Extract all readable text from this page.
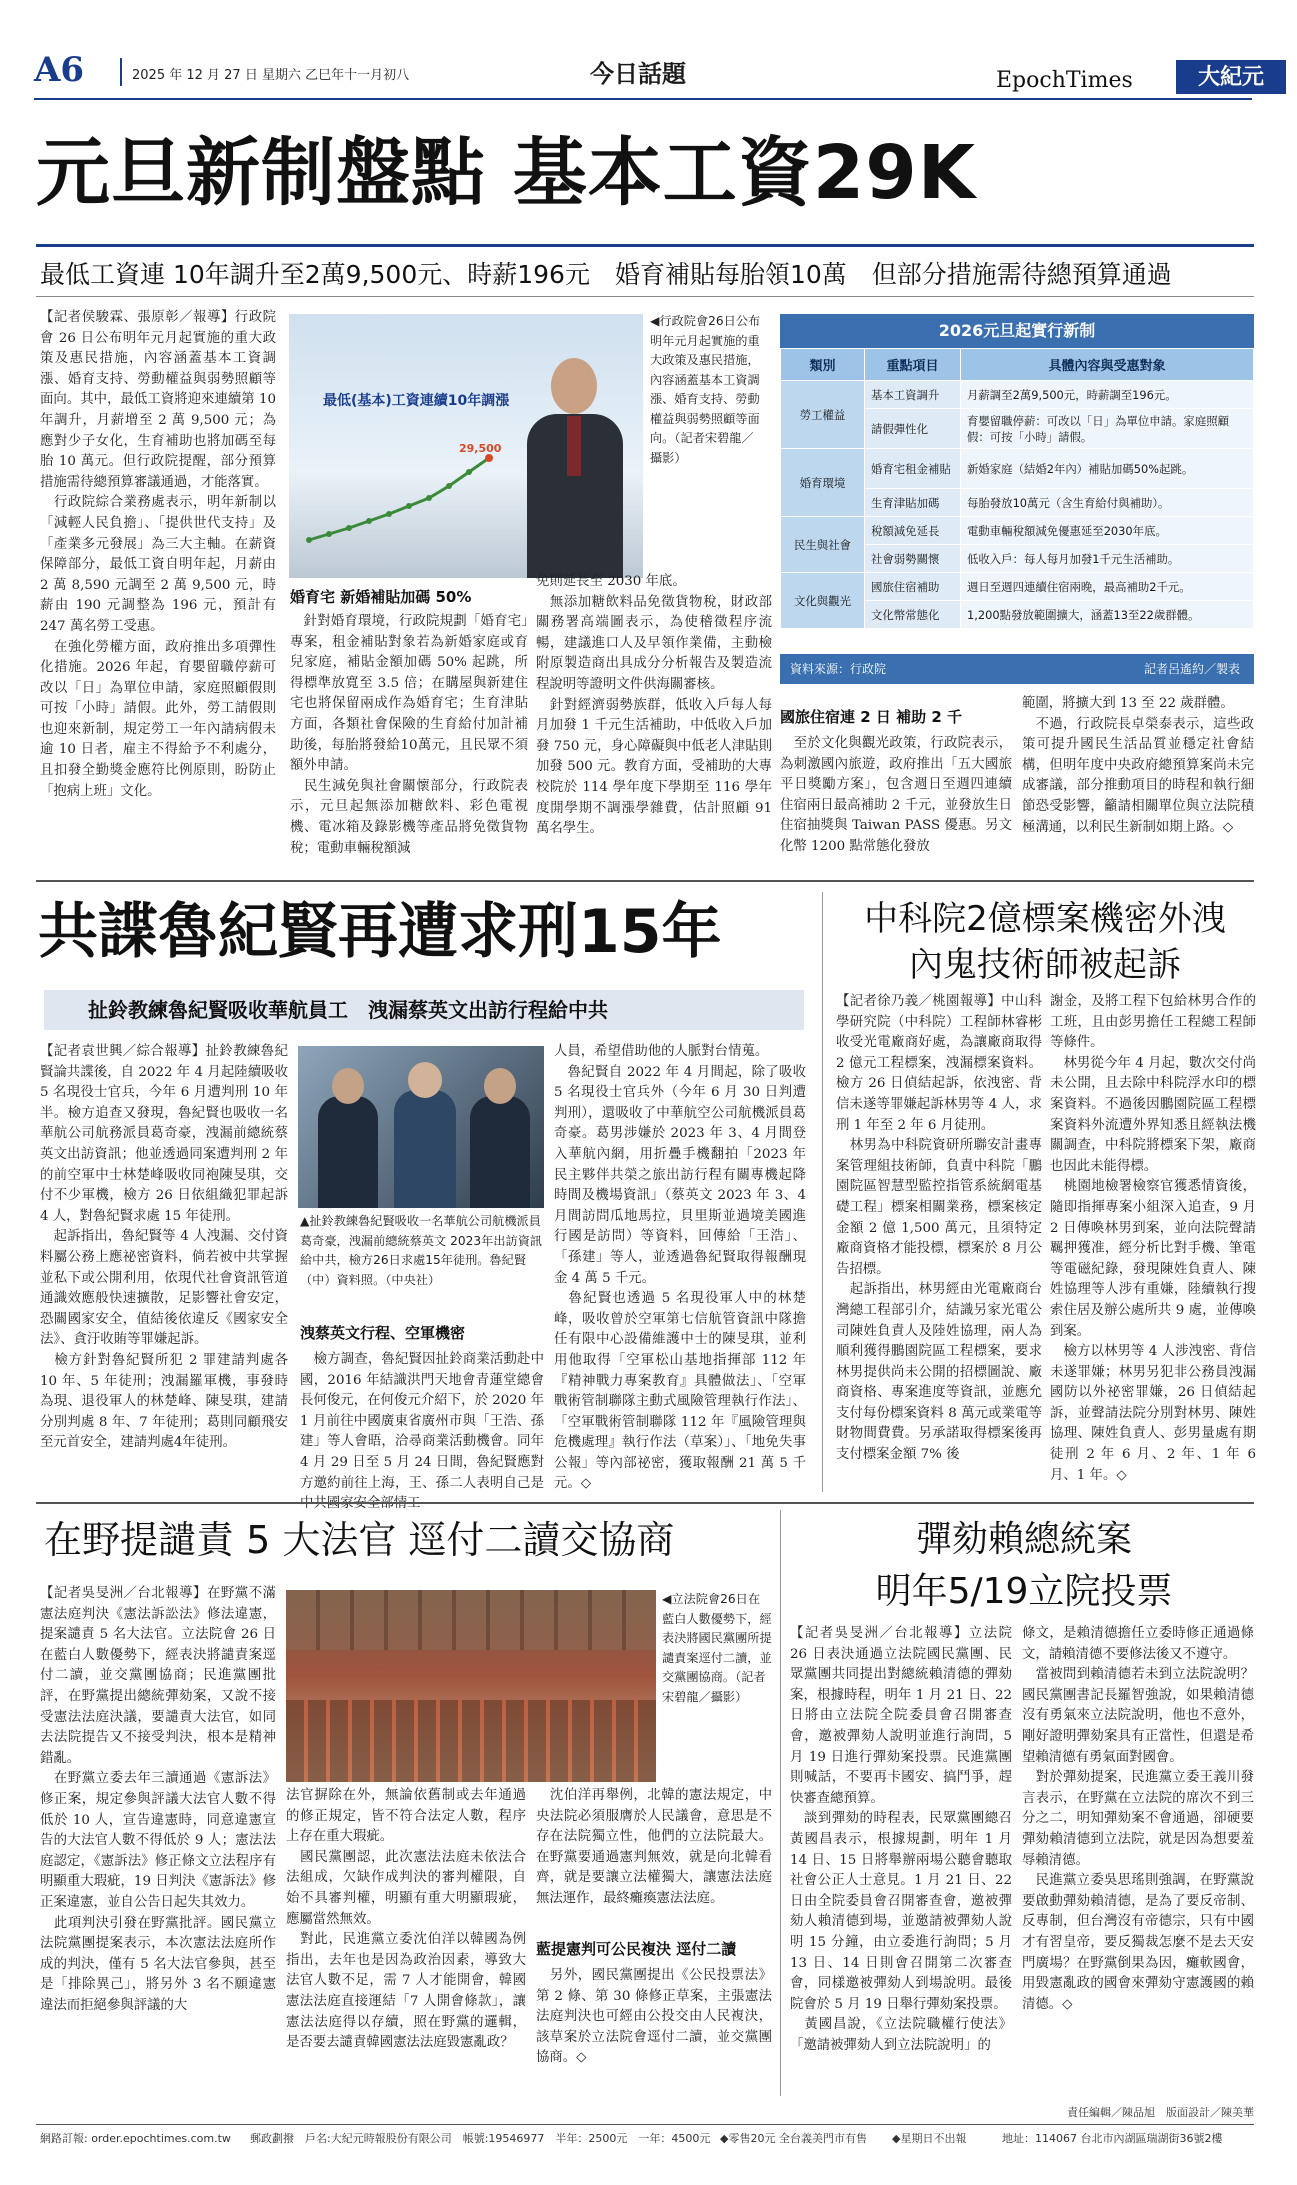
A6	2025 年 12 月 27 日 星期六 乙巳年十一月初八	今日話題	EpochTimes	大紀元
元旦新制盤點 基本工資29K
最低工資連 10年調升至2萬9,500元、時薪196元　婚育補貼每胎領10萬　但部分措施需待總預算通過
【記者侯駿霖、張原彰／報導】行政院會 26 日公布明年元月起實施的重大政策及惠民措施，內容涵蓋基本工資調漲、婚育支持、勞動權益與弱勢照顧等面向。其中，最低工資將迎來連續第 10 年調升，月薪增至 2 萬 9,500 元；為應對少子女化，生育補助也將加碼至每胎 10 萬元。但行政院提醒，部分預算措施需待總預算審議通過，才能落實。
　行政院綜合業務處表示，明年新制以「減輕人民負擔」、「提供世代支持」及「產業多元發展」為三大主軸。在薪資保障部分，最低工資自明年起，月薪由 2 萬 8,590 元調至 2 萬 9,500 元，時薪由 190 元調整為 196 元，預計有 247 萬名勞工受惠。
　在強化勞權方面，政府推出多項彈性化措施。2026 年起，育嬰留職停薪可改以「日」為單位申請，家庭照顧假則可按「小時」請假。此外，勞工請假則也迎來新制，規定勞工一年內請病假未逾 10 日者，雇主不得給予不利處分，且扣發全勤獎金應符比例原則，盼防止「抱病上班」文化。
最低(基本)工資連續10年調漲
29,500
◀行政院會26日公布明年元月起實施的重大政策及惠民措施，內容涵蓋基本工資調漲、婚育支持、勞動權益與弱勢照顧等面向。（記者宋碧龍／攝影）
婚育宅 新婚補貼加碼 50%
　針對婚育環境，行政院規劃「婚育宅」專案，租金補貼對象若為新婚家庭或育兒家庭，補貼金額加碼 50% 起跳，所得標準放寬至 3.5 倍；在購屋與新建住宅也將保留兩成作為婚育宅；生育津貼方面，各類社會保險的生育給付加計補助後，每胎將發給10萬元，且民眾不須額外申請。
　民生減免與社會關懷部分，行政院表示，元旦起無添加糖飲料、彩色電視機、電冰箱及錄影機等產品將免徵貨物稅；電動車輛稅額減
免則延長至 2030 年底。
　無添加糖飲料品免徵貨物稅，財政部關務署高端圖表示，為使稽徵程序流暢，建議進口人及早領作業備，主動檢附原製造商出具成分分析報告及製造流程說明等證明文件供海關審核。
　針對經濟弱勢族群，低收入戶每人每月加發 1 千元生活補助，中低收入戶加發 750 元，身心障礙與中低老人津貼則加發 500 元。教育方面，受補助的大專校院於 114 學年度下學期至 116 學年度開學期不調漲學雜費，估計照顧 91 萬名學生。
2026元旦起實行新制
類別	重點項目	具體內容與受惠對象
勞工權益	基本工資調升	月薪調至2萬9,500元，時薪調至196元。
	請假彈性化	育嬰留職停薪：可改以「日」為單位申請。家庭照顧假：可按「小時」請假。
婚育環境	婚育宅租金補貼	新婚家庭（結婚2年內）補貼加碼50%起跳。
	生育津貼加碼	每胎發放10萬元（含生育給付與補助）。
民生與社會	稅額減免延長	電動車輛稅額減免優惠延至2030年底。
	社會弱勢關懷	低收入戶：每人每月加發1千元生活補助。
文化與觀光	國旅住宿補助	週日至週四連續住宿兩晚，最高補助2千元。
	文化幣常態化	1,200點發放範圍擴大，涵蓋13至22歲群體。
資料來源：行政院	記者呂遙約／製表
國旅住宿連 2 日 補助 2 千
　至於文化與觀光政策，行政院表示，為刺激國內旅遊，政府推出「五大國旅平日獎勵方案」，包含週日至週四連續住宿兩日最高補助 2 千元，並發放生日住宿抽獎與 Taiwan PASS 優惠。另文化幣 1200 點常態化發放
範圍，將擴大到 13 至 22 歲群體。
　不過，行政院長卓榮泰表示，這些政策可提升國民生活品質並穩定社會結構，但明年度中央政府總預算案尚未完成審議，部分推動項目的時程和執行細節恐受影響，籲請相關單位與立法院積極溝通，以利民生新制如期上路。◇
共諜魯紀賢再遭求刑15年
扯鈴教練魯紀賢吸收華航員工　洩漏蔡英文出訪行程給中共
【記者袁世興／綜合報導】扯鈴教練魯紀賢論共諜後，自 2022 年 4 月起陸續吸收 5 名現役士官兵，今年 6 月遭判刑 10 年半。檢方追查又發現，魯紀賢也吸收一名華航公司航務派員葛奇豪，洩漏前總統蔡英文出訪資訊；他並透過同案遭判刑 2 年的前空軍中士林楚峰吸收同袍陳旻琪，交付不少軍機，檢方 26 日依組織犯罪起訴 4 人，對魯紀賢求處 15 年徒刑。
　起訴指出，魯紀賢等 4 人洩漏、交付資料屬公務上應祕密資料，倘若被中共掌握並私下或公開利用，依現代社會資訊管道通識效應般快速擴散，足影響社會安定，恐關國家安全，值結後依違反《國家安全法》、貪汙收賄等罪嫌起訴。
　檢方針對魯紀賢所犯 2 罪建請判處各 10 年、5 年徒刑；洩漏羅軍機，事發時為現、退役軍人的林楚峰、陳旻琪，建請分別判處 8 年、7 年徒刑；葛則同顧飛安至元首安全，建請判處4年徒刑。
▲扯鈴教練魯紀賢吸收一名華航公司航機派員葛奇豪，洩漏前總統蔡英文 2023年出訪資訊給中共，檢方26日求處15年徒刑。魯紀賢（中）資料照。（中央社）
洩蔡英文行程、空軍機密
　檢方調查，魯紀賢因扯鈴商業活動赴中國，2016 年結識洪門天地會青蓮堂總會長何俊元，在何俊元介紹下，於 2020 年 1 月前往中國廣東省廣州市與「王浩、孫建」等人會晤，洽尋商業活動機會。同年 4 月 29 日至 5 月 24 日間，魯紀賢應對方邀約前往上海，王、孫二人表明自己是
人員，希望借助他的人脈對台情蒐。
　魯紀賢自 2022 年 4 月間起，除了吸收 5 名現役士官兵外（今年 6 月 30 日判遭判刑），還吸收了中華航空公司航機派員葛奇豪。葛男涉嫌於 2023 年 3、4 月間登入華航內網，用折疊手機翻拍「2023 年民主夥伴共榮之旅出訪行程有關專機起降時間及機場資訊」（蔡英文 2023 年 3、4 月間訪問瓜地馬拉，貝里斯並過境美國進行國是訪問）等資料，回傳給「王浩」、「孫建」等人，並透過魯紀賢取得報酬現金 4 萬 5 千元。
　魯紀賢也透過 5 名現役軍人中的林楚峰，吸收曾於空軍第七信航管資訊中隊擔任有限中心設備維護中士的陳旻琪，並利用他取得「空軍松山基地指揮部 112 年『精神戰力專案教育』具體做法」、「空軍戰術管制聯隊主動式風險管理執行作法」、「空軍戰術管制聯隊 112 年『風險管理與危機處理』執行作法（草案）」、「地免失事公報」等內部祕密，獲取報酬 21 萬 5 千元。◇
中科院2億標案機密外洩
內鬼技術師被起訴
【記者徐乃義／桃園報導】中山科學研究院（中科院）工程師林睿彬收受光電廠商好處，為讓廠商取得 2 億元工程標案，洩漏標案資料。檢方 26 日偵結起訴，依洩密、背信未遂等罪嫌起訴林男等 4 人，求刑 1 年至 2 年 6 月徒刑。
　林男為中科院資研所聯安計畫專案管理組技術師，負責中科院「鵬園院區智慧型監控指管系統網電基礎工程」標案相關業務，標案核定金額 2 億 1,500 萬元，且須特定廠商資格才能投標，標案於 8 月公告招標。
　起訴指出，林男經由光電廠商台灣總工程部引介，結識另家光電公司陳姓負責人及陸姓協理，兩人為順利獲得鵬園院區工程標案，要求林男提供尚未公開的招標圖說、廠商資格、專案進度等資訊，並應允支付每份標案資料 8 萬元或業電等財物間費費。另承諾取得標案後再支付標案金額 7% 後
謝金，及將工程下包給林男合作的工班，且由彭男擔任工程總工程師等條件。
　林男從今年 4 月起，數次交付尚未公開，且去除中科院浮水印的標案資料。不過後因鵬園院區工程標案資料外流遭外界知悉且經執法機關調查，中科院將標案下架，廠商也因此未能得標。
　桃園地檢署檢察官獲悉情資後，隨即指揮專案小組深入追查，9 月 2 日傳喚林男到案，並向法院聲請羈押獲准，經分析比對手機、筆電等電磁紀錄，發現陳姓負責人、陳姓協理等人涉有重嫌，陸續執行搜索住居及辦公處所共 9 處，並傳喚到案。
　檢方以林男等 4 人涉洩密、背信未遂罪嫌；林男另犯非公務員洩漏國防以外祕密罪嫌，26 日偵結起訴，並聲請法院分別對林男、陳姓協理、陳姓負責人、彭男量處有期徒刑 2 年 6 月、2 年、1 年 6 月、1 年。◇
在野提譴責 5 大法官 逕付二讀交協商
【記者吳旻洲／台北報導】在野黨不滿憲法庭判決《憲法訴訟法》修法違憲，提案譴責 5 名大法官。立法院會 26 日在藍白人數優勢下，經表決將譴責案逕付二讀，並交黨團協商；民進黨團批評，在野黨提出總統彈劾案，又說不接受憲法法庭決議，要譴責大法官，如同去法院提告又不接受判決，根本是精神錯亂。
　在野黨立委去年三讀通過《憲訴法》修正案，規定參與評議大法官人數不得低於 10 人，宣告違憲時，同意違憲宣告的大法官人數不得低於 9 人；憲法法庭認定，《憲訴法》修正條文立法程序有明顯重大瑕疵，19 日判決《憲訴法》修正案違憲，並自公告日起失其效力。
　此項判決引發在野黨批評。國民黨立法院黨團提案表示，本次憲法法庭所作成的判決，僅有 5 名大法官參與，甚至是「排除異己」，將另外 3 名不願違憲違法而拒絕參與評議的大
◀立法院會26日在藍白人數優勢下，經表決將國民黨團所提譴責案逕付二讀，並交黨團協商。（記者宋碧龍／攝影）
法官摒除在外，無論依舊制或去年通過的修正規定，皆不符合法定人數，程序上存在重大瑕疵。
　國民黨團認，此次憲法法庭未依法合法組成，欠缺作成判決的審判權限，自始不具審判權，明顯有重大明顯瑕疵，應屬當然無效。
　對此，民進黨立委沈伯洋以韓國為例指出，去年也是因為政治因素，導致大法官人數不足，需 7 人才能開會，韓國憲法法庭直接運結「7 人開會條款」，讓憲法法庭得以存續，照在野黨的邏輯，是否要去譴責韓國憲法法庭毀憲亂政？
　沈伯洋再舉例，北韓的憲法規定，中央法院必須服膺於人民議會，意思是不存在法院獨立性，他們的立法院最大。在野黨要通過憲判無效，就是向北韓看齊，就是要讓立法權獨大，讓憲法法庭無法運作，最終癱瘓憲法法庭。
藍提憲判可公民複決 逕付二讀
　另外，國民黨團提出《公民投票法》第 2 條、第 30 條修正草案，主張憲法法庭判決也可經由公投交由人民複決，該草案於立法院會逕付二讀，並交黨團協商。◇
彈劾賴總統案
明年5/19立院投票
【記者吳旻洲／台北報導】立法院 26 日表決通過立法院國民黨團、民眾黨團共同提出對總統賴清德的彈劾案，根據時程，明年 1 月 21 日、22 日將由立法院全院委員會召開審查會，邀被彈劾人說明並進行詢問，5 月 19 日進行彈劾案投票。民進黨團則喊話，不要再卡國安、搞鬥爭，趕快審查總預算。
　談到彈劾的時程表，民眾黨團總召黃國昌表示，根據規劃，明年 1 月 14 日、15 日將舉辦兩場公聽會聽取社會公正人士意見。1 月 21 日、22 日由全院委員會召開審查會，邀被彈劾人賴清德到場，並邀請被彈劾人說明 15 分鐘，由立委進行詢問；5 月 13 日、14 日則會召開第二次審查會，同樣邀被彈劾人到場說明。最後院會於 5 月 19 日舉行彈劾案投票。
　黃國昌說，《立法院職權行使法》「邀請被彈劾人到立法院說明」的
條文，是賴清德擔任立委時修正通過條文，請賴清德不要修法後又不遵守。
　當被問到賴清德若未到立法院說明？國民黨團書記長羅智強說，如果賴清德沒有勇氣來立法院說明，他也不意外，剛好證明彈劾案具有正當性，但還是希望賴清德有勇氣面對國會。
　對於彈劾提案，民進黨立委王義川發言表示，在野黨在立法院的席次不到三分之二，明知彈劾案不會通過，卻硬要彈劾賴清德到立法院，就是因為想要羞辱賴清德。
　民進黨立委吳思瑤則強調，在野黨說要啟動彈劾賴清德，是為了要反帝制、反專制，但台灣沒有帝德宗，只有中國才有習皇帝，要反獨裁怎麼不是去天安門廣場？在野黨倒果為因，癱軟國會，用毀憲亂政的國會來彈劾守憲護國的賴清德。◇
責任編輯／陳品旭　版面設計／陳美華
網路訂報: order.epochtimes.com.tw 郵政劃撥　戶名:大紀元時報股份有限公司　帳號:19546977　半年：2500元　一年：4500元 ◆零售20元 全台義美門市有售 ◆星期日不出報	地址：114067 台北市內湖區瑞湖街36號2樓
